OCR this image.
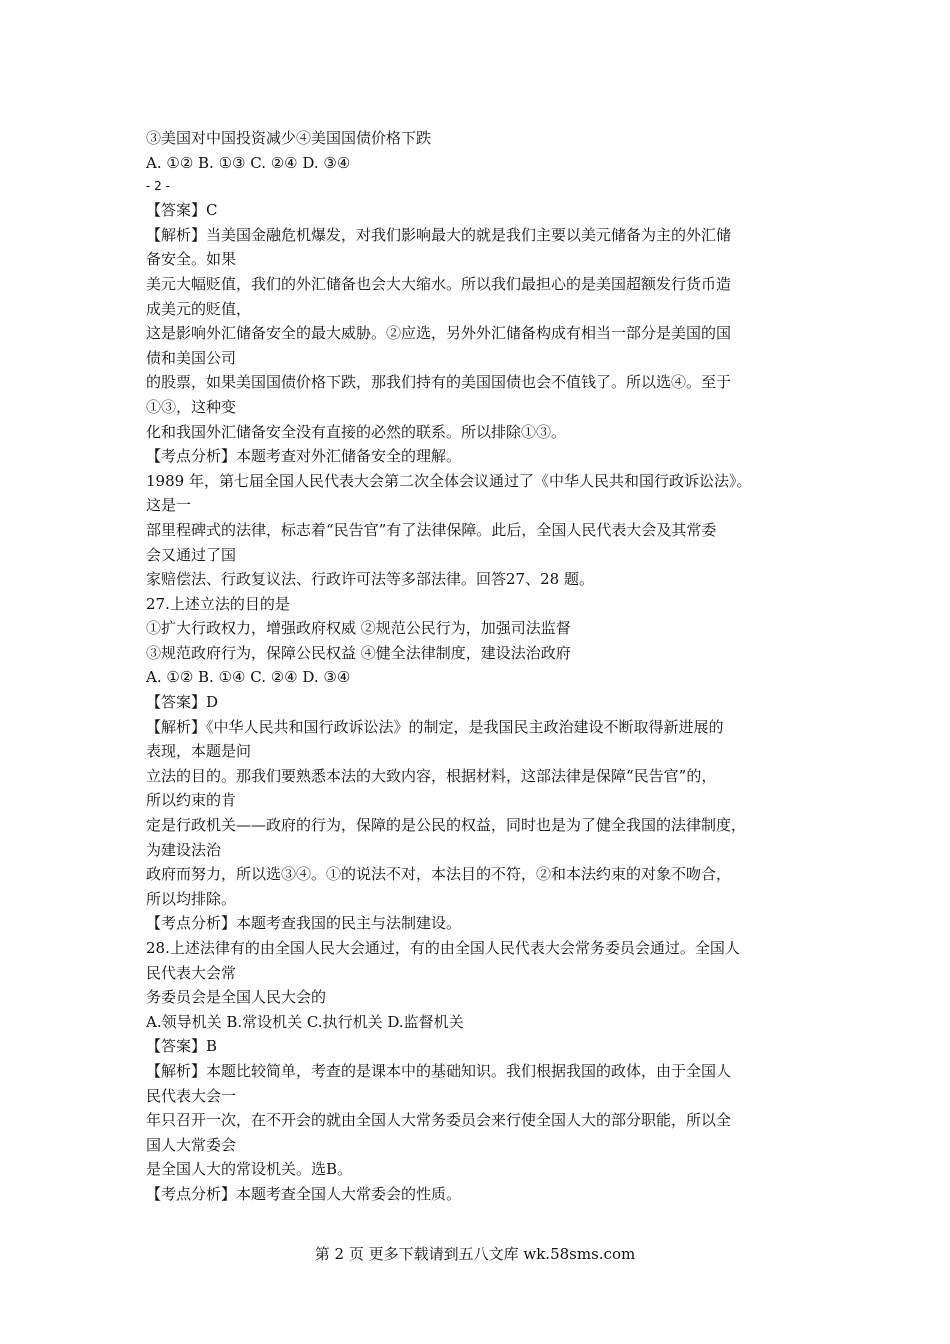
③美国对中国投资减少④美国国债价格下跌
A. ①② B. ①③ C. ②④ D. ③④
- 2 -
【答案】C
【解析】当美国金融危机爆发，对我们影响最大的就是我们主要以美元储备为主的外汇储
备安全。如果
美元大幅贬值，我们的外汇储备也会大大缩水。所以我们最担心的是美国超额发行货币造
成美元的贬值，
这是影响外汇储备安全的最大威胁。②应选，另外外汇储备构成有相当一部分是美国的国
债和美国公司
的股票，如果美国国债价格下跌，那我们持有的美国国债也会不值钱了。所以选④。至于
①③，这种变
化和我国外汇储备安全没有直接的必然的联系。所以排除①③。
【考点分析】本题考查对外汇储备安全的理解。
1989 年，第七届全国人民代表大会第二次全体会议通过了《中华人民共和国行政诉讼法》。
这是一
部里程碑式的法律，标志着“民告官”有了法律保障。此后，全国人民代表大会及其常委
会又通过了国
家赔偿法、行政复议法、行政许可法等多部法律。回答27、28 题。
27.上述立法的目的是
①扩大行政权力，增强政府权威 ②规范公民行为，加强司法监督
③规范政府行为，保障公民权益 ④健全法律制度，建设法治政府
A. ①② B. ①④ C. ②④ D. ③④
【答案】D
【解析】《中华人民共和国行政诉讼法》的制定，是我国民主政治建设不断取得新进展的
表现，本题是问
立法的目的。那我们要熟悉本法的大致内容，根据材料，这部法律是保障“民告官”的，
所以约束的肯
定是行政机关——政府的行为，保障的是公民的权益，同时也是为了健全我国的法律制度，
为建设法治
政府而努力，所以选③④。①的说法不对，本法目的不符，②和本法约束的对象不吻合，
所以均排除。
【考点分析】本题考查我国的民主与法制建设。
28.上述法律有的由全国人民大会通过，有的由全国人民代表大会常务委员会通过。全国人
民代表大会常
务委员会是全国人民大会的
A.领导机关 B.常设机关 C.执行机关 D.监督机关
【答案】B
【解析】本题比较简单，考查的是课本中的基础知识。我们根据我国的政体，由于全国人
民代表大会一
年只召开一次，在不开会的就由全国人大常务委员会来行使全国人大的部分职能，所以全
国人大常委会
是全国人大的常设机关。选B。
【考点分析】本题考查全国人大常委会的性质。
第 2 页 更多下载请到五八文库 wk.58sms.com
